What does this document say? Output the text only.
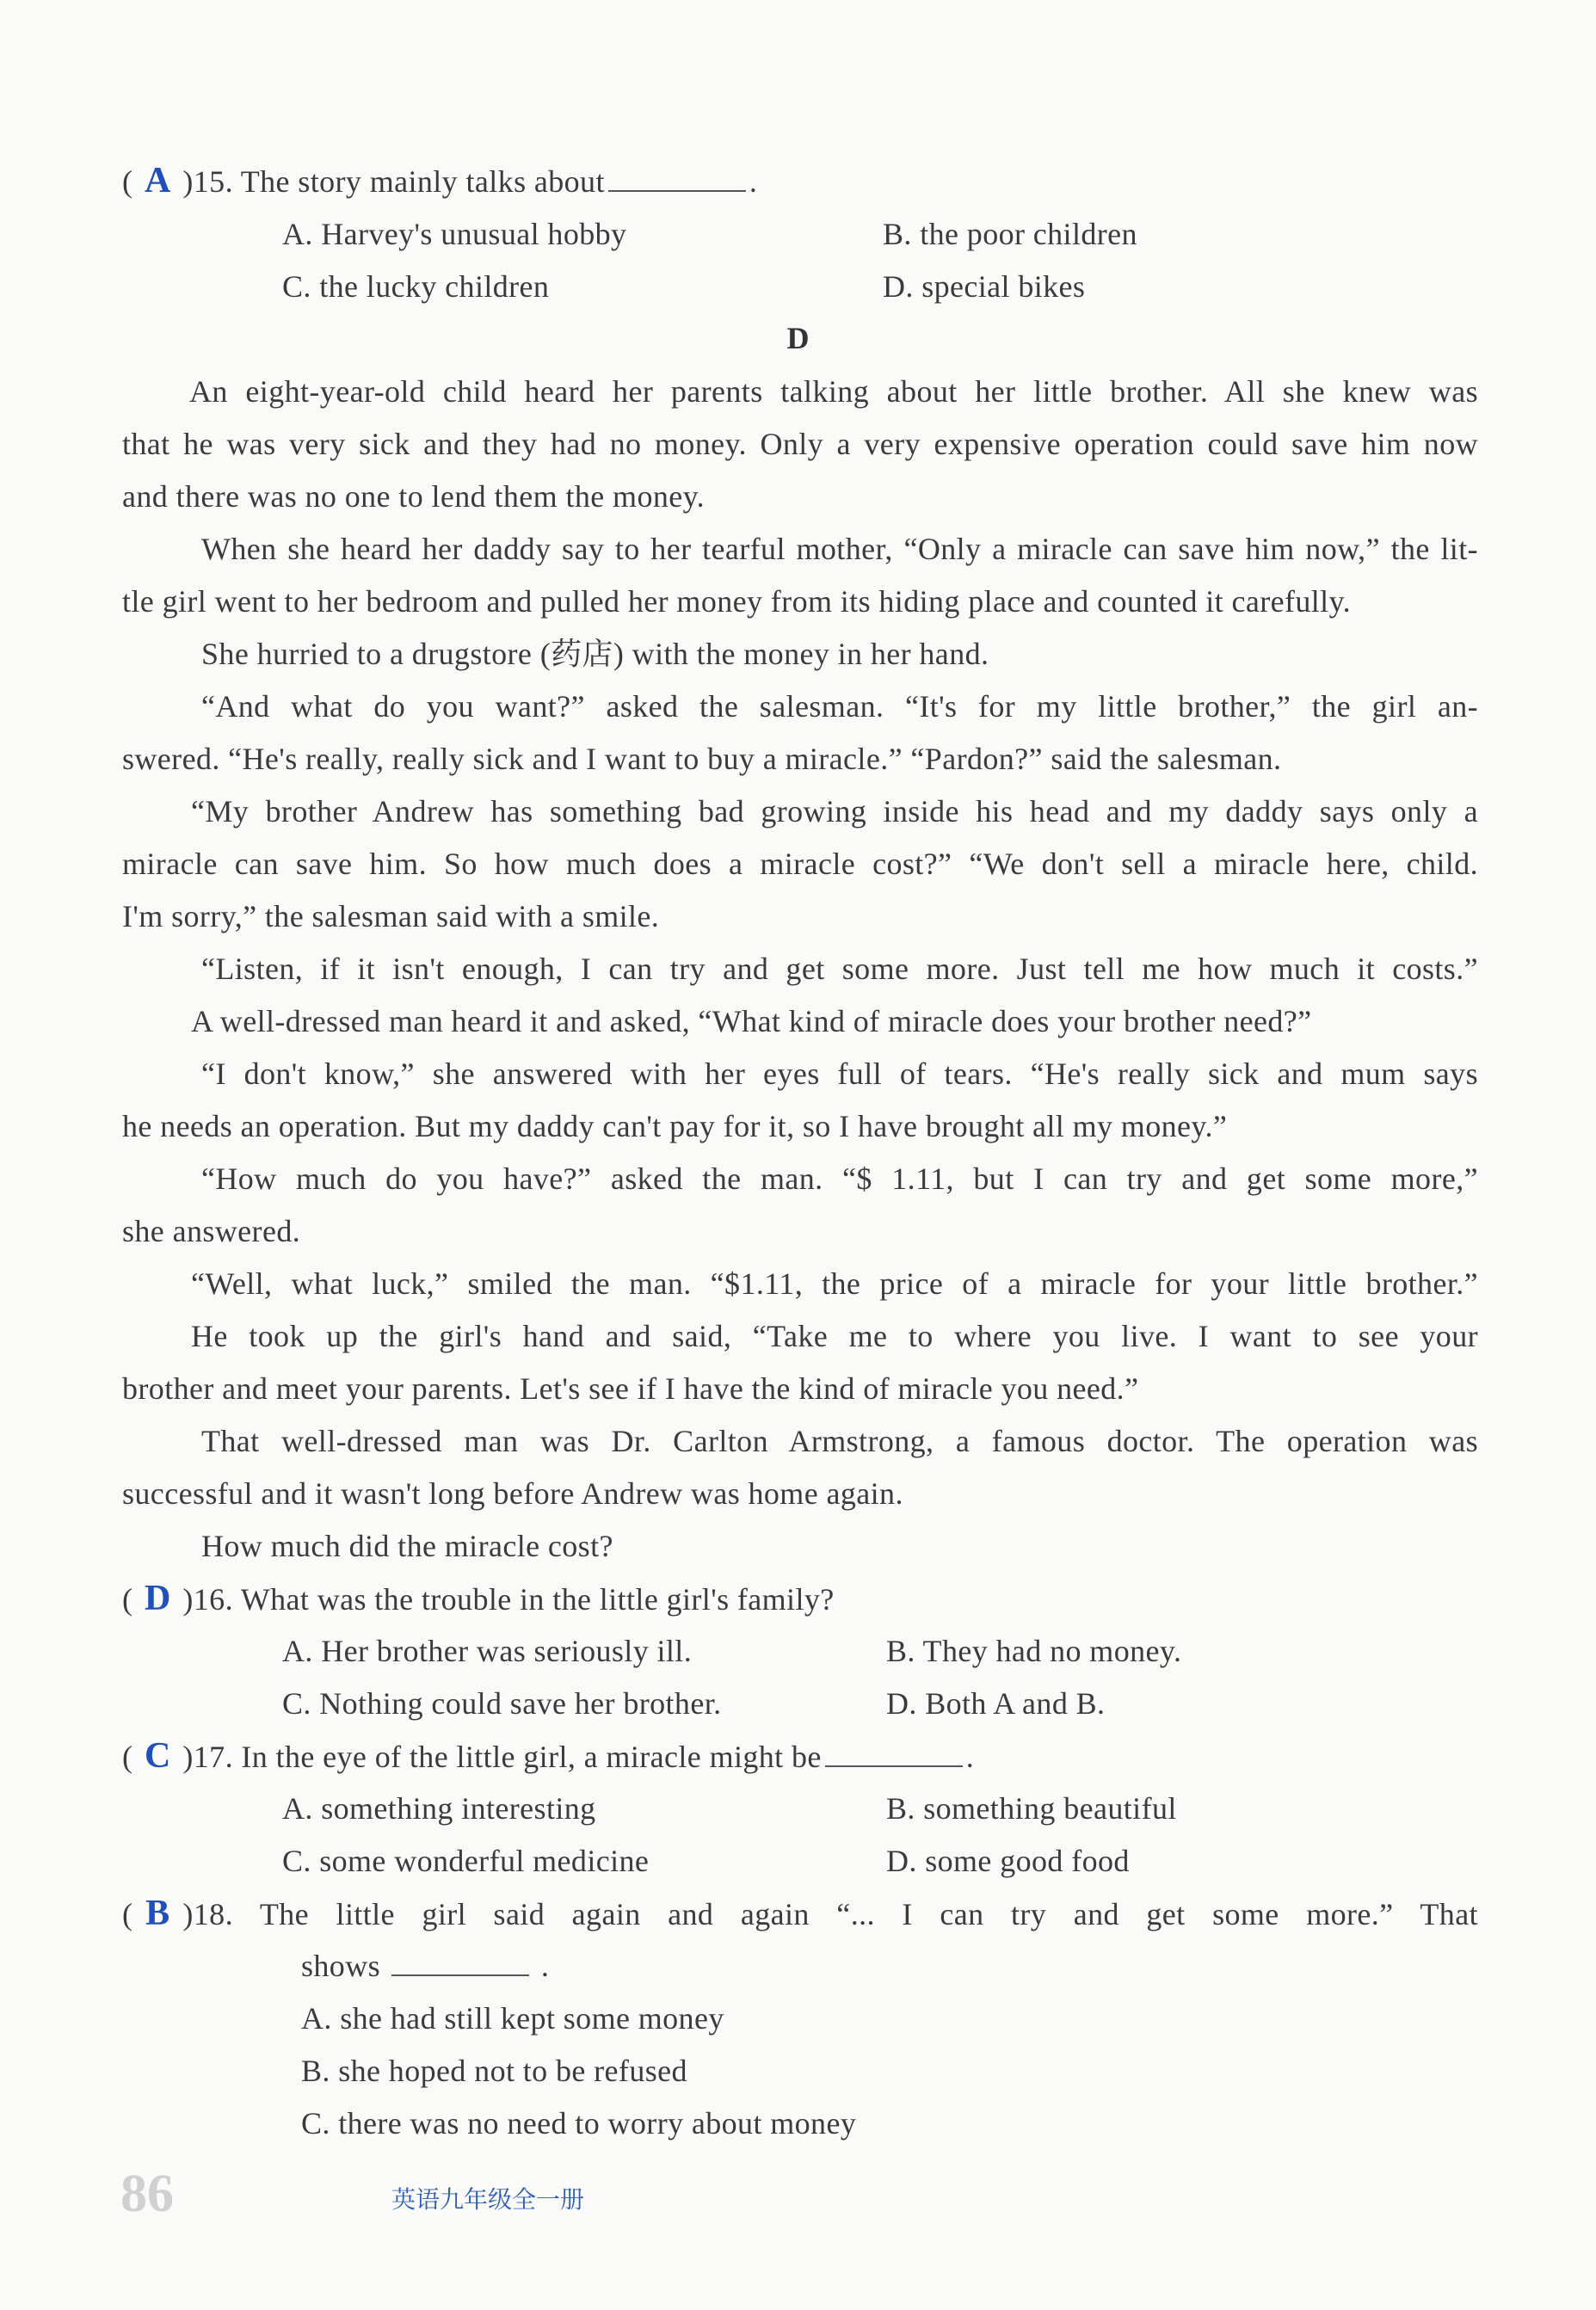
( A ) 15. The story mainly talks about	.
A. Harvey's unusual hobby	B. the poor children
C. the lucky children	D. special bikes
D
An eight-year-old child heard her parents talking about her little brother. All she knew was
that he was very sick and they had no money. Only a very expensive operation could save him now
and there was no one to lend them the money.
When she heard her daddy say to her tearful mother, “Only a miracle can save him now,” the lit-
tle girl went to her bedroom and pulled her money from its hiding place and counted it carefully.
She hurried to a drugstore (药店) with the money in her hand.
“And what do you want?” asked the salesman. “It's for my little brother,” the girl an-
swered. “He's really, really sick and I want to buy a miracle.” “Pardon?” said the salesman.
“My brother Andrew has something bad growing inside his head and my daddy says only a
miracle can save him. So how much does a miracle cost?” “We don't sell a miracle here, child.
I'm sorry,” the salesman said with a smile.
“Listen, if it isn't enough, I can try and get some more. Just tell me how much it costs.”
A well-dressed man heard it and asked, “What kind of miracle does your brother need?”
“I don't know,” she answered with her eyes full of tears. “He's really sick and mum says
he needs an operation. But my daddy can't pay for it, so I have brought all my money.”
“How much do you have?” asked the man. “$ 1.11, but I can try and get some more,”
she answered.
“Well, what luck,” smiled the man. “$1.11, the price of a miracle for your little brother.”
He took up the girl's hand and said, “Take me to where you live. I want to see your
brother and meet your parents. Let's see if I have the kind of miracle you need.”
That well-dressed man was Dr. Carlton Armstrong, a famous doctor. The operation was
successful and it wasn't long before Andrew was home again.
How much did the miracle cost?
( D ) 16. What was the trouble in the little girl's family?
A. Her brother was seriously ill.	B. They had no money.
C. Nothing could save her brother.	D. Both A and B.
( C ) 17. In the eye of the little girl, a miracle might be	.
A. something interesting	B. something beautiful
C. some wonderful medicine	D. some good food
( B ) 18. The little girl said again and again “... I can try and get some more.” That
shows	.
A. she had still kept some money
B. she hoped not to be refused
C. there was no need to worry about money
86	英语九年级全一册
